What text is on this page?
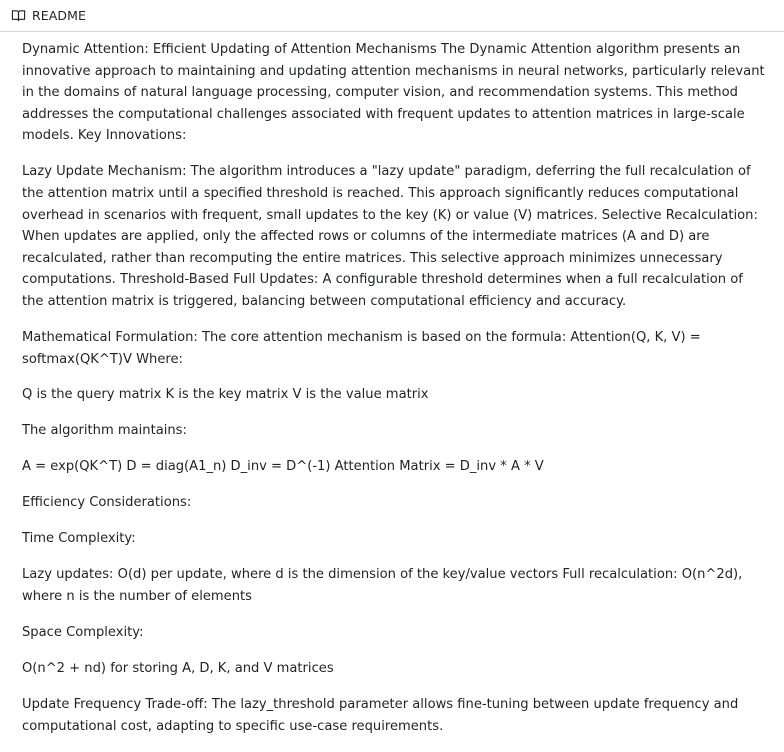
README

Dynamic Attention: Efficient Updating of Attention Mechanisms The Dynamic Attention algorithm presents an innovative approach to maintaining and updating attention mechanisms in neural networks, particularly relevant in the domains of natural language processing, computer vision, and recommendation systems. This method addresses the computational challenges associated with frequent updates to attention matrices in large-scale models. Key Innovations:

Lazy Update Mechanism: The algorithm introduces a "lazy update" paradigm, deferring the full recalculation of the attention matrix until a specified threshold is reached. This approach significantly reduces computational overhead in scenarios with frequent, small updates to the key (K) or value (V) matrices. Selective Recalculation: When updates are applied, only the affected rows or columns of the intermediate matrices (A and D) are recalculated, rather than recomputing the entire matrices. This selective approach minimizes unnecessary computations. Threshold-Based Full Updates: A configurable threshold determines when a full recalculation of the attention matrix is triggered, balancing between computational efficiency and accuracy.

Mathematical Formulation: The core attention mechanism is based on the formula: Attention(Q, K, V) = softmax(QK^T)V Where:

Q is the query matrix K is the key matrix V is the value matrix

The algorithm maintains:

A = exp(QK^T) D = diag(A1_n) D_inv = D^(-1) Attention Matrix = D_inv * A * V

Efficiency Considerations:

Time Complexity:

Lazy updates: O(d) per update, where d is the dimension of the key/value vectors Full recalculation: O(n^2d), where n is the number of elements

Space Complexity:

O(n^2 + nd) for storing A, D, K, and V matrices

Update Frequency Trade-off: The lazy_threshold parameter allows fine-tuning between update frequency and computational cost, adapting to specific use-case requirements.
